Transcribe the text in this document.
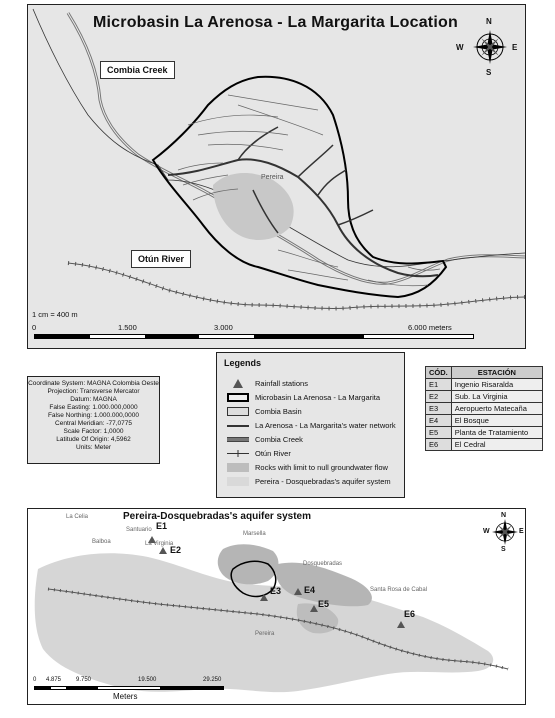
Microbasin La Arenosa - La Margarita Location	N
S
W	E
Combia Creek
Otún River
Pereira
1 cm = 400 m
0	1.500	3.000	6.000 meters
Coordinate System: MAGNA Colombia Oeste
Projection: Transverse Mercator
Datum: MAGNA
False Easting: 1.000.000,0000
False Northing: 1.000.000,0000
Central Meridian: -77,0775
Scale Factor: 1,0000
Latitude Of Origin: 4,5962
Units: Meter
Legends
Rainfall stations
Microbasin La Arenosa - La Margarita
Combia Basin
La Arenosa - La Margarita's water network
Combia Creek
Otún River
Rocks with limit to null groundwater flow
Pereira - Dosquebradas's aquifer system
CÓD.	ESTACIÓN
E1	Ingenio Risaralda
E2	Sub. La Virginia
E3	Aeropuerto Matecaña
E4	El Bosque
E5	Planta de Tratamiento
E6	El Cedral
Pereira-Dosquebradas's aquifer system	N
S
W	E
La Celia
Santuario
Balboa	La Virginia
Marsella
Dosquebradas
Santa Rosa de Cabal
Pereira
E1
E2
E3	E4
E5
E6
0 4.875 9.750	19.500	29.250
Meters
